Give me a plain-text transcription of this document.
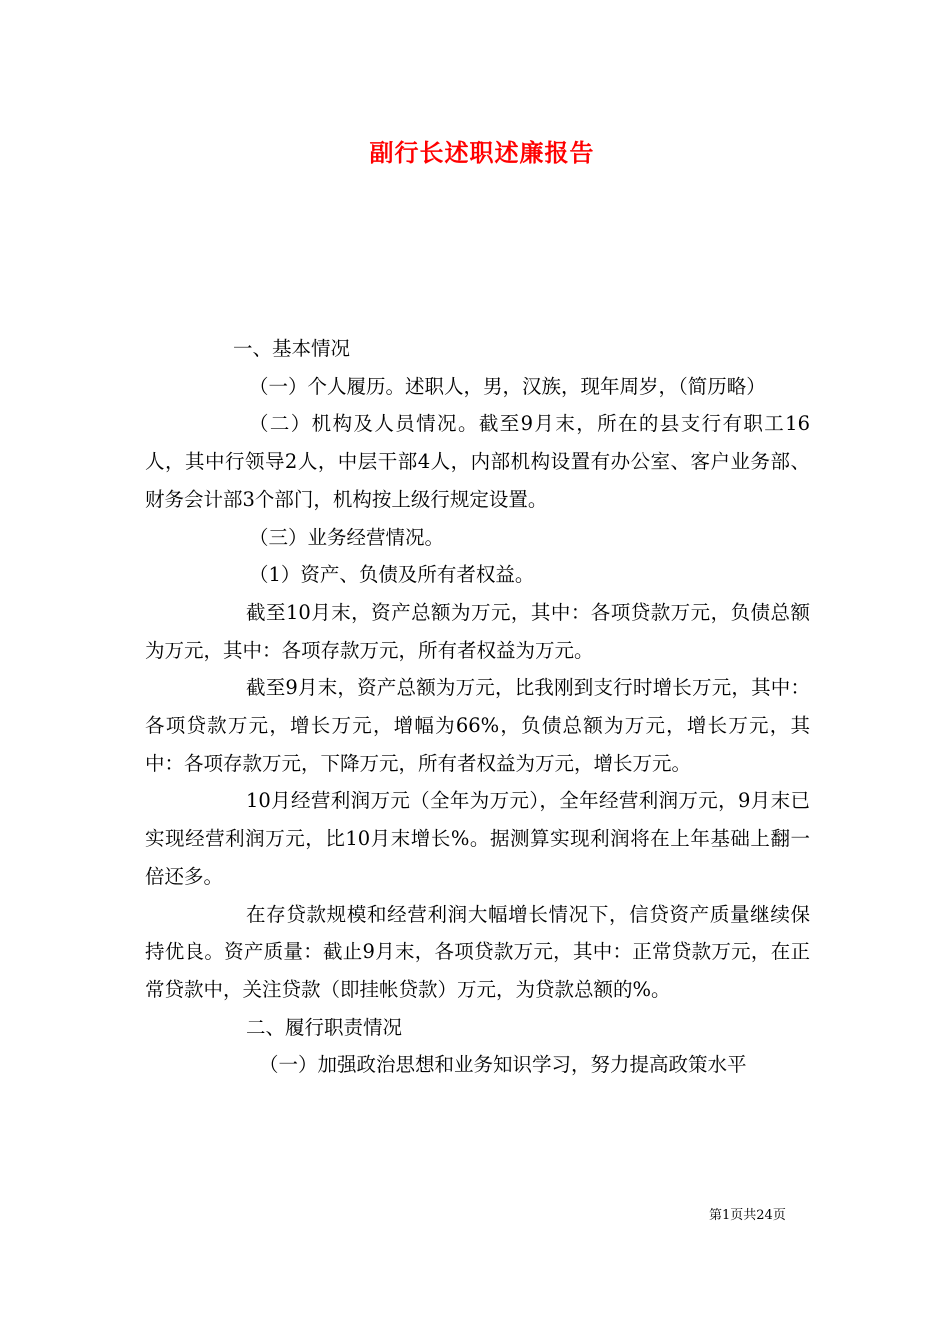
副行长述职述廉报告

一、基本情况

（一）个人履历。述职人，男，汉族，现年周岁，（简历略）

（二）机构及人员情况。截至9月末，所在的县支行有职工16人，其中行领导2人，中层干部4人，内部机构设置有办公室、客户业务部、财务会计部3个部门，机构按上级行规定设置。

（三）业务经营情况。

（1）资产、负债及所有者权益。

截至10月末，资产总额为万元，其中：各项贷款万元，负债总额为万元，其中：各项存款万元，所有者权益为万元。

截至9月末，资产总额为万元，比我刚到支行时增长万元，其中：各项贷款万元，增长万元，增幅为66%，负债总额为万元，增长万元，其中：各项存款万元，下降万元，所有者权益为万元，增长万元。

10月经营利润万元（全年为万元），全年经营利润万元，9月末已实现经营利润万元，比10月末增长%。据测算实现利润将在上年基础上翻一倍还多。

在存贷款规模和经营利润大幅增长情况下，信贷资产质量继续保持优良。资产质量：截止9月末，各项贷款万元，其中：正常贷款万元，在正常贷款中，关注贷款（即挂帐贷款）万元，为贷款总额的%。

二、履行职责情况

（一）加强政治思想和业务知识学习，努力提高政策水平

第1页共24页
